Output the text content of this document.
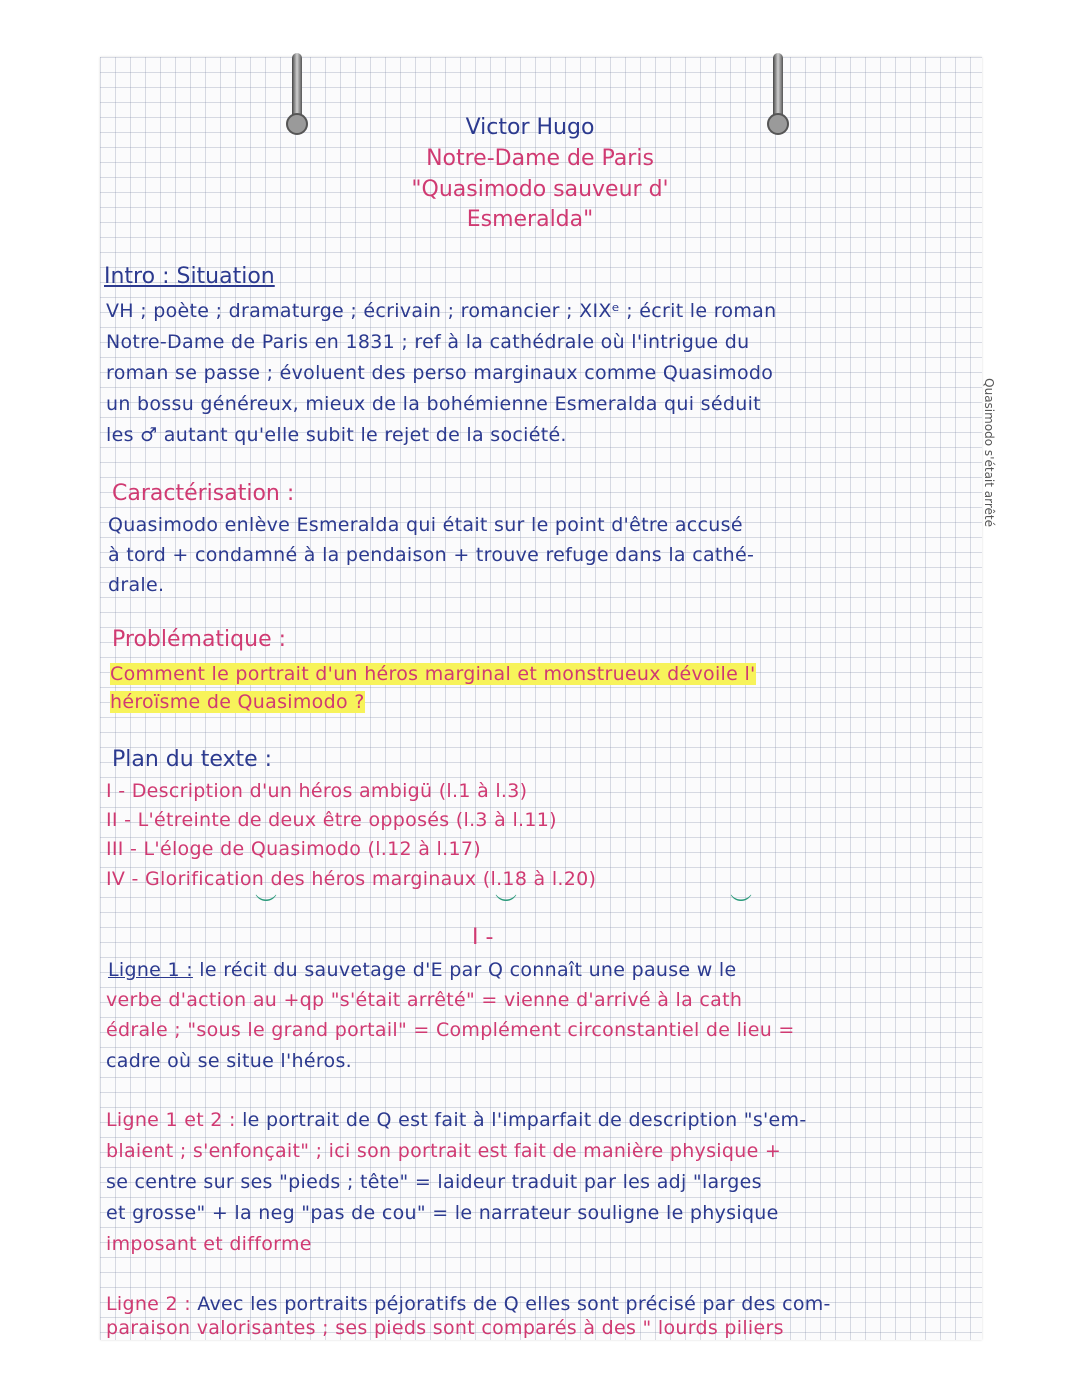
Quasimodo s'était arrêté
Victor Hugo
Notre-Dame de Paris
"Quasimodo sauveur d'
Esmeralda"
Intro : Situation
VH ; poète ; dramaturge ; écrivain ; romancier ; XIXᵉ ; écrit le roman
Notre-Dame de Paris en 1831 ; ref à la cathédrale où l'intrigue du
roman se passe ; évoluent des perso marginaux comme Quasimodo
un bossu généreux, mieux de la bohémienne Esmeralda qui séduit
les ♂ autant qu'elle subit le rejet de la société.
Caractérisation :
Quasimodo enlève Esmeralda qui était sur le point d'être accusé
à tord + condamné à la pendaison + trouve refuge dans la cathé-
drale.
Problématique :
Comment le portrait d'un héros marginal et monstrueux dévoile l'
héroïsme de Quasimodo ?
Plan du texte :
I - Description d'un héros ambigü (l.1 à l.3)
II - L'étreinte de deux être opposés (l.3 à l.11)
III - L'éloge de Quasimodo (l.12 à l.17)
IV - Glorification des héros marginaux (l.18 à l.20)
︶	︶	︶
I -
Ligne 1 : le récit du sauvetage d'E par Q connaît une pause w le
verbe d'action au +qp "s'était arrêté" = vienne d'arrivé à la cath
édrale ; "sous le grand portail" = Complément circonstantiel de lieu =
cadre où se situe l'héros.
Ligne 1 et 2 : le portrait de Q est fait à l'imparfait de description "s'em-
blaient ; s'enfonçait" ; ici son portrait est fait de manière physique +
se centre sur ses "pieds ; tête" = laideur traduit par les adj "larges
et grosse" + la neg "pas de cou" = le narrateur souligne le physique
imposant et difforme
Ligne 2 : Avec les portraits péjoratifs de Q elles sont précisé par des com-
paraison valorisantes ; ses pieds sont comparés à des " lourds piliers
